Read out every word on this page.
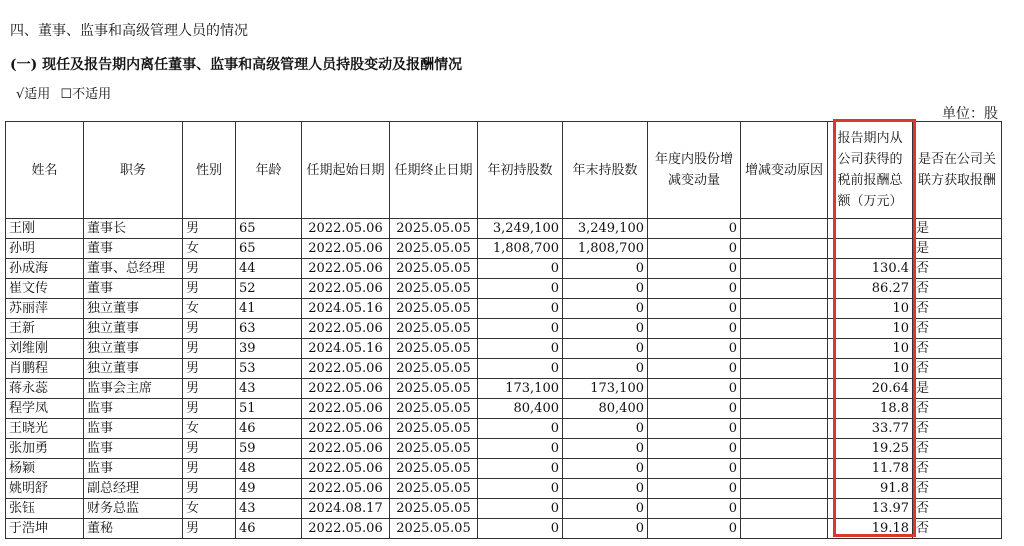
四、董事、监事和高级管理人员的情况
(一) 现任及报告期内离任董事、监事和高级管理人员持股变动及报酬情况
√适用 ☐不适用
单位：股
姓名	职务	性别	年龄	任期起始日期	任期终止日期	年初持股数	年末持股数	年度内股份增减变动量	增减变动原因	报告期内从公司获得的税前报酬总额（万元）	是否在公司关联方获取报酬
王刚	董事长	男	65	2022.05.06	2025.05.05	3,249,100	3,249,100	0			是
孙明	董事	女	65	2022.05.06	2025.05.05	1,808,700	1,808,700	0			是
孙成海	董事、总经理	男	44	2022.05.06	2025.05.05	0	0	0		130.4	否
崔文传	董事	男	52	2022.05.06	2025.05.05	0	0	0		86.27	否
苏丽萍	独立董事	女	41	2024.05.16	2025.05.05	0	0	0		10	否
王新	独立董事	男	63	2022.05.06	2025.05.05	0	0	0		10	否
刘维刚	独立董事	男	39	2024.05.16	2025.05.05	0	0	0		10	否
肖鹏程	独立董事	男	53	2022.05.06	2025.05.05	0	0	0		10	否
蒋永蕊	监事会主席	男	43	2022.05.06	2025.05.05	173,100	173,100	0		20.64	是
程学凤	监事	男	51	2022.05.06	2025.05.05	80,400	80,400	0		18.8	否
王晓光	监事	女	46	2022.05.06	2025.05.05	0	0	0		33.77	否
张加勇	监事	男	59	2022.05.06	2025.05.05	0	0	0		19.25	否
杨颖	监事	男	48	2022.05.06	2025.05.05	0	0	0		11.78	否
姚明舒	副总经理	男	49	2022.05.06	2025.05.05	0	0	0		91.8	否
张钰	财务总监	女	43	2024.08.17	2025.05.05	0	0	0		13.97	否
于浩坤	董秘	男	46	2022.05.06	2025.05.05	0	0	0		19.18	否
